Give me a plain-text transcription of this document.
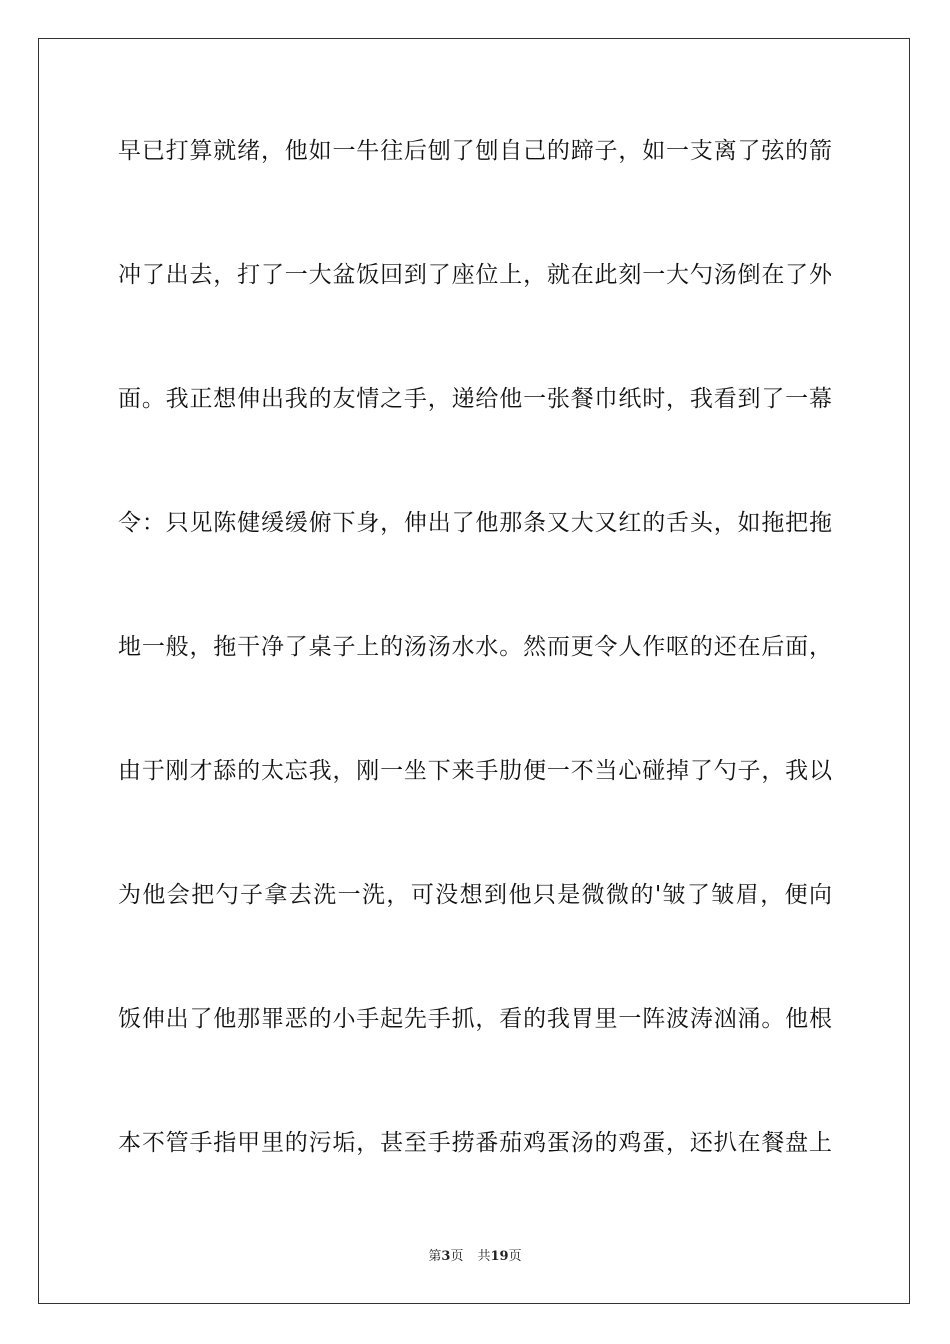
早已打算就绪，他如一牛往后刨了刨自己的蹄子，如一支离了弦的箭
冲了出去，打了一大盆饭回到了座位上，就在此刻一大勺汤倒在了外
面。我正想伸出我的友情之手，递给他一张餐巾纸时，我看到了一幕
令：只见陈健缓缓俯下身，伸出了他那条又大又红的舌头，如拖把拖
地一般，拖干净了桌子上的汤汤水水。然而更令人作呕的还在后面，
由于刚才舔的太忘我，刚一坐下来手肋便一不当心碰掉了勺子，我以
为他会把勺子拿去洗一洗，可没想到他只是微微的'皱了皱眉，便向
饭伸出了他那罪恶的小手起先手抓，看的我胃里一阵波涛汹涌。他根
本不管手指甲里的污垢，甚至手捞番茄鸡蛋汤的鸡蛋，还扒在餐盘上
第3页 共19页
